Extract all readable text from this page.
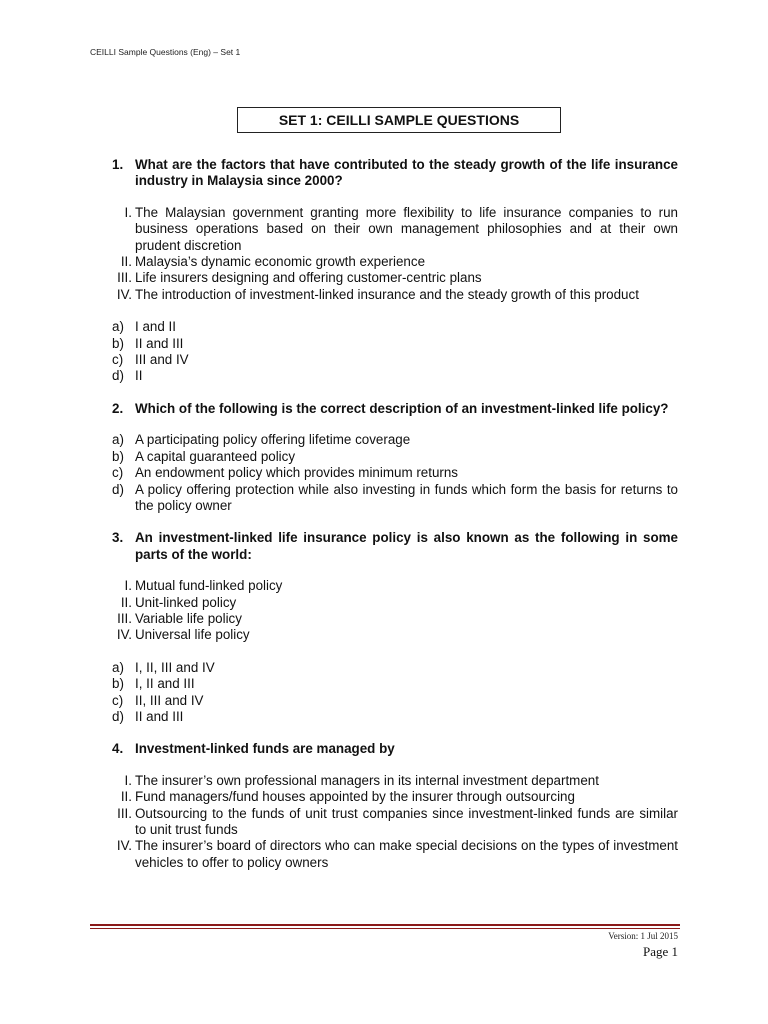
CEILLI Sample Questions (Eng) – Set 1
SET 1: CEILLI SAMPLE QUESTIONS
1. What are the factors that have contributed to the steady growth of the life insurance industry in Malaysia since 2000?
I. The Malaysian government granting more flexibility to life insurance companies to run business operations based on their own management philosophies and at their own prudent discretion
II. Malaysia’s dynamic economic growth experience
III. Life insurers designing and offering customer-centric plans
IV. The introduction of investment-linked insurance and the steady growth of this product
a) I and II
b) II and III
c) III and IV
d) II
2. Which of the following is the correct description of an investment-linked life policy?
a) A participating policy offering lifetime coverage
b) A capital guaranteed policy
c) An endowment policy which provides minimum returns
d) A policy offering protection while also investing in funds which form the basis for returns to the policy owner
3. An investment-linked life insurance policy is also known as the following in some parts of the world:
I. Mutual fund-linked policy
II. Unit-linked policy
III. Variable life policy
IV. Universal life policy
a) I, II, III and IV
b) I, II and III
c) II, III and IV
d) II and III
4. Investment-linked funds are managed by
I. The insurer’s own professional managers in its internal investment department
II. Fund managers/fund houses appointed by the insurer through outsourcing
III. Outsourcing to the funds of unit trust companies since investment-linked funds are similar to unit trust funds
IV. The insurer’s board of directors who can make special decisions on the types of investment vehicles to offer to policy owners
Version: 1 Jul 2015
Page 1
